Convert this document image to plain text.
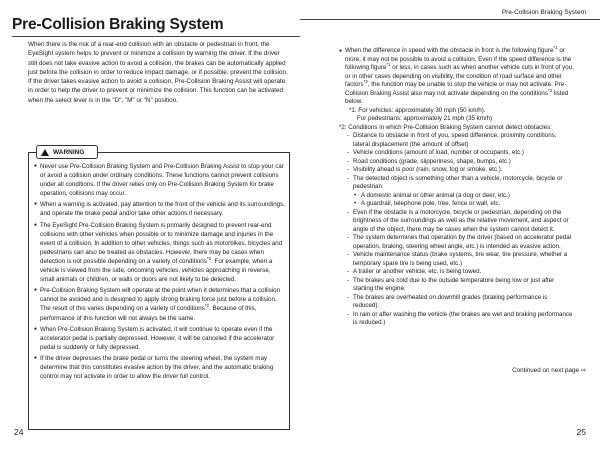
Pre-Collision Braking System
Pre-Collision Braking System

When there is the risk of a rear-end collision with an obstacle or pedestrian in front, the EyeSight system helps to prevent or minimize a collision by warning the driver. If the driver still does not take evasive action to avoid a collision, the brakes can be automatically applied just before the collision in order to reduce impact damage, or if possible, prevent the collision. If the driver takes evasive action to avoid a collision, Pre-Collision Braking Assist will operate in order to help the driver to prevent or minimize the collision. This function can be activated when the select lever is in the "D", "M" or "N" position.

WARNING
● Never use Pre-Collision Braking System and Pre-Collision Braking Assist to stop your car or avoid a collision under ordinary conditions. These functions cannot prevent collisions under all conditions. If the driver relies only on Pre-Collision Braking System for brake operation, collisions may occur.
● When a warning is activated, pay attention to the front of the vehicle and its surroundings, and operate the brake pedal and/or take other actions if necessary.
● The EyeSight Pre-Collision Braking System is primarily designed to prevent rear-end collisions with other vehicles when possible or to minimize damage and injuries in the event of a collision. In addition to other vehicles, things such as motorbikes, bicycles and pedestrians can also be treated as obstacles. However, there may be cases when detection is not possible depending on a variety of conditions$^{*2}$. For example, when a vehicle is viewed from the side, oncoming vehicles, vehicles approaching in reverse, small animals or children, or walls or doors are not likely to be detected.
● Pre-Collision Braking System will operate at the point when it determines that a collision cannot be avoided and is designed to apply strong braking force just before a collision. The result of this varies depending on a variety of conditions$^{*2}$. Because of this, performance of this function will not always be the same.
● When Pre-Collision Braking System is activated, it will continue to operate even if the accelerator pedal is partially depressed. However, it will be canceled if the accelerator pedal is suddenly or fully depressed.
● If the driver depresses the brake pedal or turns the steering wheel, the system may determine that this constitutes evasive action by the driver, and the automatic braking control may not activate in order to allow the driver full control.

● When the difference in speed with the obstacle in front is the following figure$^{*1}$ or more, it may not be possible to avoid a collision. Even if the speed difference is the following figure$^{*1}$ or less, in cases such as when another vehicle cuts in front of you, or in other cases depending on visibility, the condition of road surface and other factors$^{*2}$, the function may be unable to stop the vehicle or may not activate. Pre-Collision Braking Assist also may not activate depending on the conditions$^{*2}$ listed below.

*1: For vehicles: approximately 30 mph (50 km/h).

For pedestrians: approximately 21 mph (35 km/h)

*2: Conditions in which Pre-Collision Braking System cannot detect obstacles:

- Distance to obstacle in front of you, speed difference, proximity conditions, lateral displacement (the amount of offset)

- Vehicle conditions (amount of load, number of occupants, etc.)

- Road conditions (grade, slipperiness, shape, bumps, etc.)

- Visibility ahead is poor (rain, snow, fog or smoke, etc.).

- The detected object is something other than a vehicle, motorcycle, bicycle or pedestrian.

• A domestic animal or other animal (a dog or deer, etc.)

• A guardrail, telephone pole, tree, fence or wall, etc.

- Even if the obstacle is a motorcycle, bicycle or pedestrian, depending on the brightness of the surroundings as well as the relative movement, and aspect or angle of the object, there may be cases when the system cannot detect it.

- The system determines that operation by the driver (based on accelerator pedal operation, braking, steering wheel angle, etc.) is intended as evasive action.

- Vehicle maintenance status (brake systems, tire wear, tire pressure, whether a temporary spare tire is being used, etc.)

- A trailer or another vehicle, etc. is being towed.

- The brakes are cold due to the outside temperature being low or just after starting the engine.

- The brakes are overheated on downhill grades (braking performance is reduced).

- In rain or after washing the vehicle (the brakes are wet and braking performance is reduced.)

Continued on next page ⇨
24	25
